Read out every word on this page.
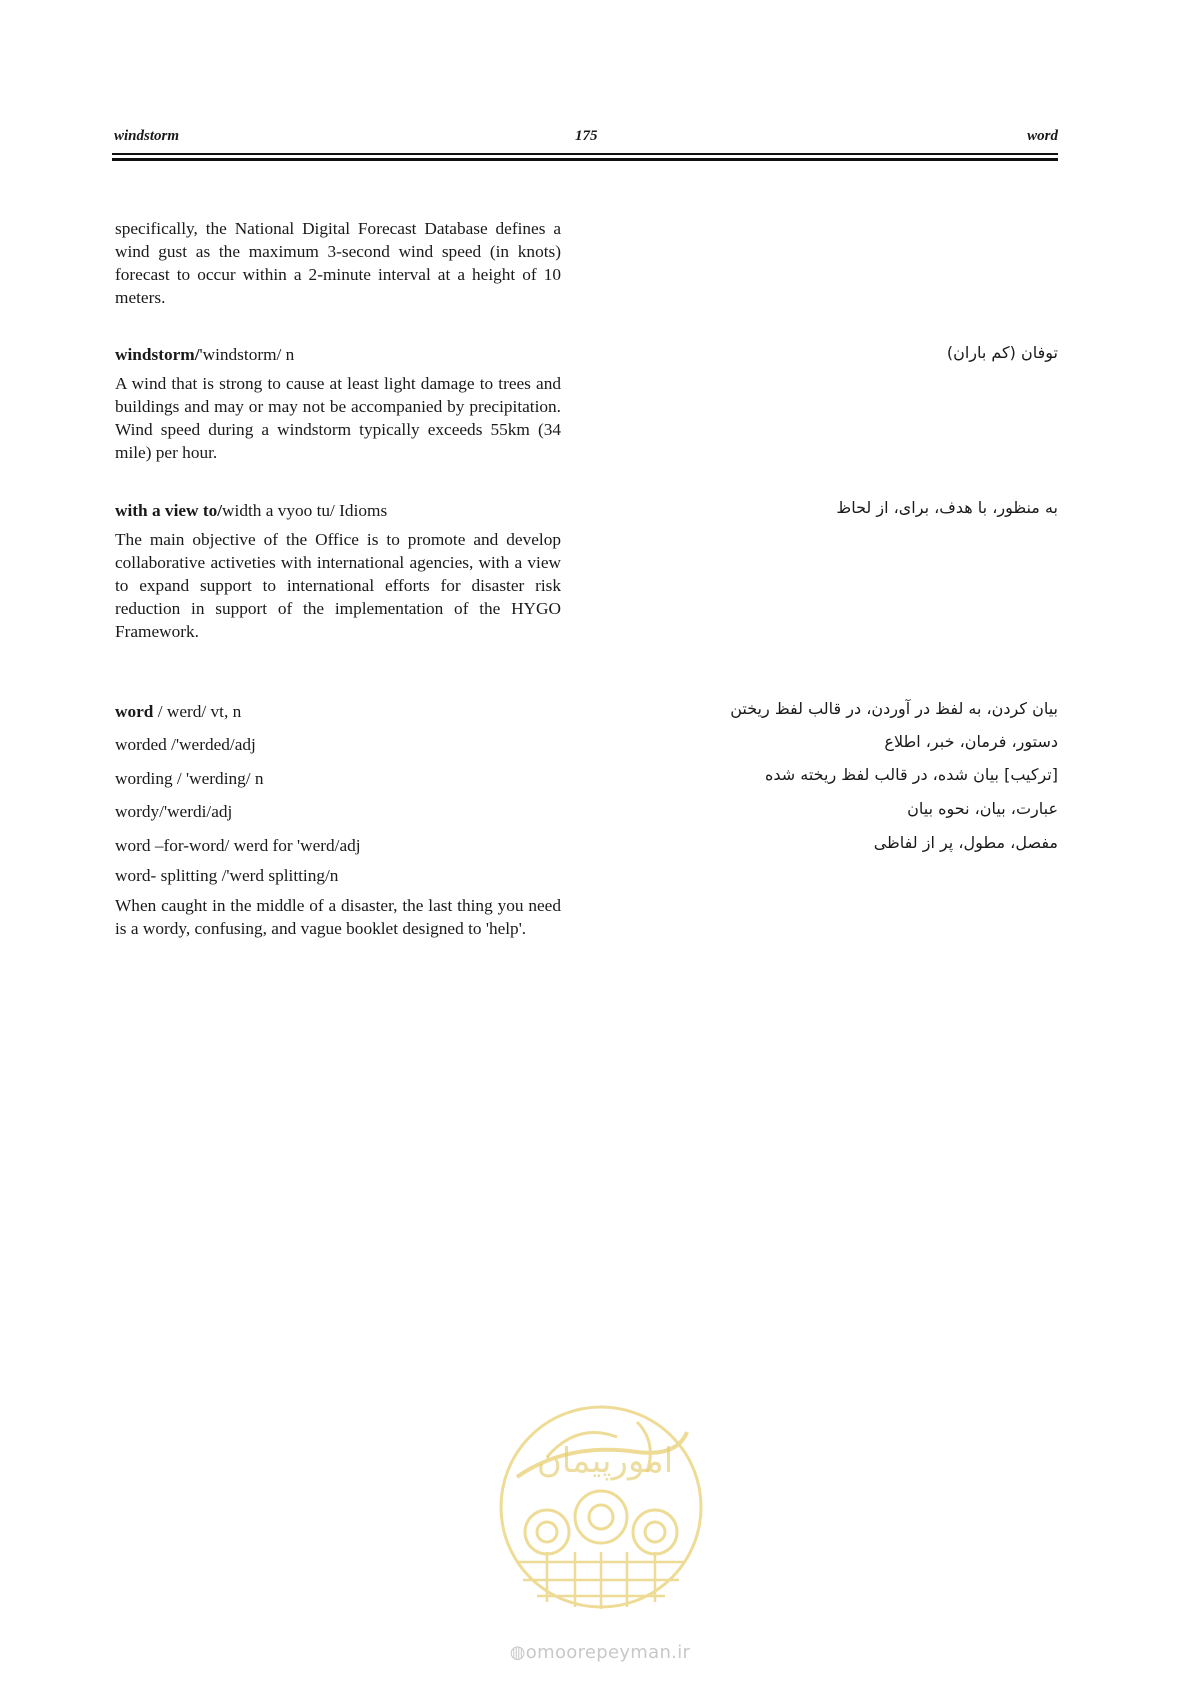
windstorm	175	word
specifically, the National Digital Forecast Database defines a wind gust as the maximum 3-second wind speed (in knots) forecast to occur within a 2-minute interval at a height of 10 meters.
windstorm/'windstorm/ n
A wind that is strong to cause at least light damage to trees and buildings and may or may not be accompanied by precipitation. Wind speed during a windstorm typically exceeds 55km (34 mile) per hour.
توفان (کم باران)
with a view to/width a vyoo tu/ Idioms
The main objective of the Office is to promote and develop collaborative activeties with international agencies, with a view to expand support to international efforts for disaster risk reduction in support of the implementation of the HYGO Framework.
به منظور، با هدف، برای، از لحاظ
word / werd/ vt, n
worded /'werded/adj
wording / 'werding/ n
wordy/'werdi/adj
word –for-word/ werd for 'werd/adj
word- splitting /'werd splitting/n
When caught in the middle of a disaster, the last thing you need is a wordy, confusing, and vague booklet designed to 'help'.
بیان کردن، به لفظ در آوردن، در قالب لفظ ریختن
دستور، فرمان، خبر، اطلاع
[ترکیب] بیان شده، در قالب لفظ ریخته شده
عبارت، بیان، نحوه بیان
مفصل، مطول، پر از لفاظی
امورپیمان
◍omoorepeyman.ir
